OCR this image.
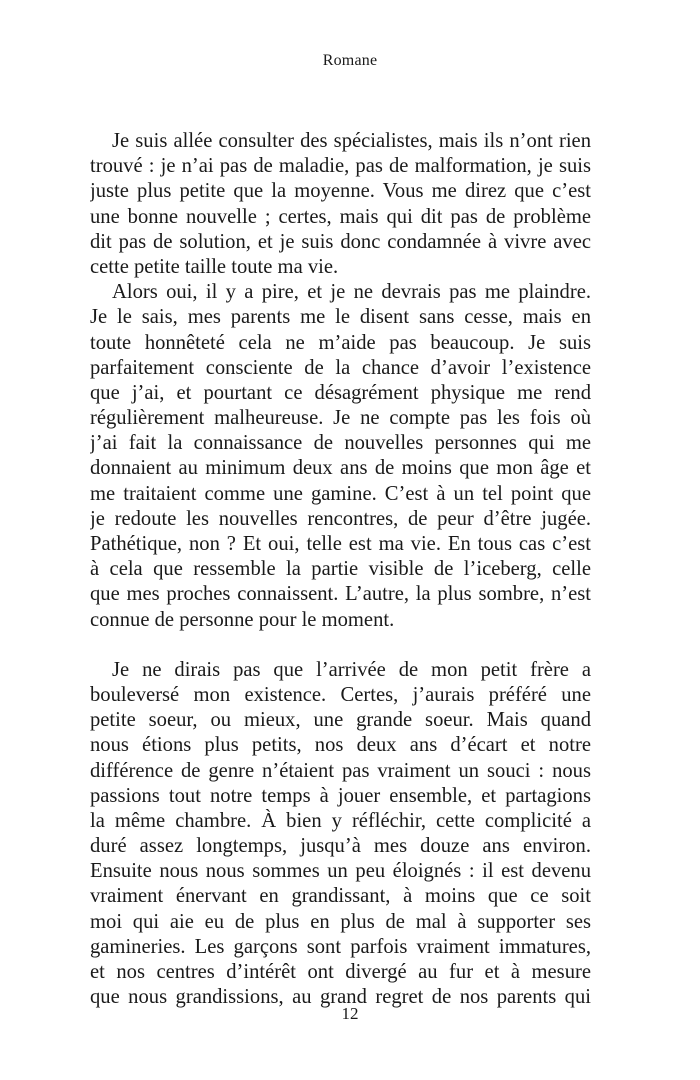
Romane
Je suis allée consulter des spécialistes, mais ils n’ont rien
trouvé : je n’ai pas de maladie, pas de malformation, je suis
juste plus petite que la moyenne. Vous me direz que c’est
une bonne nouvelle ; certes, mais qui dit pas de problème
dit pas de solution, et je suis donc condamnée à vivre avec
cette petite taille toute ma vie.
Alors oui, il y a pire, et je ne devrais pas me plaindre.
Je le sais, mes parents me le disent sans cesse, mais en
toute honnêteté cela ne m’aide pas beaucoup. Je suis
parfaitement consciente de la chance d’avoir l’existence
que j’ai, et pourtant ce désagrément physique me rend
régulièrement malheureuse. Je ne compte pas les fois où
j’ai fait la connaissance de nouvelles personnes qui me
donnaient au minimum deux ans de moins que mon âge et
me traitaient comme une gamine. C’est à un tel point que
je redoute les nouvelles rencontres, de peur d’être jugée.
Pathétique, non ? Et oui, telle est ma vie. En tous cas c’est
à cela que ressemble la partie visible de l’iceberg, celle
que mes proches connaissent. L’autre, la plus sombre, n’est
connue de personne pour le moment.
Je ne dirais pas que l’arrivée de mon petit frère a
bouleversé mon existence. Certes, j’aurais préféré une
petite soeur, ou mieux, une grande soeur. Mais quand
nous étions plus petits, nos deux ans d’écart et notre
différence de genre n’étaient pas vraiment un souci : nous
passions tout notre temps à jouer ensemble, et partagions
la même chambre. À bien y réfléchir, cette complicité a
duré assez longtemps, jusqu’à mes douze ans environ.
Ensuite nous nous sommes un peu éloignés : il est devenu
vraiment énervant en grandissant, à moins que ce soit
moi qui aie eu de plus en plus de mal à supporter ses
gamineries. Les garçons sont parfois vraiment immatures,
et nos centres d’intérêt ont divergé au fur et à mesure
que nous grandissions, au grand regret de nos parents qui
12
